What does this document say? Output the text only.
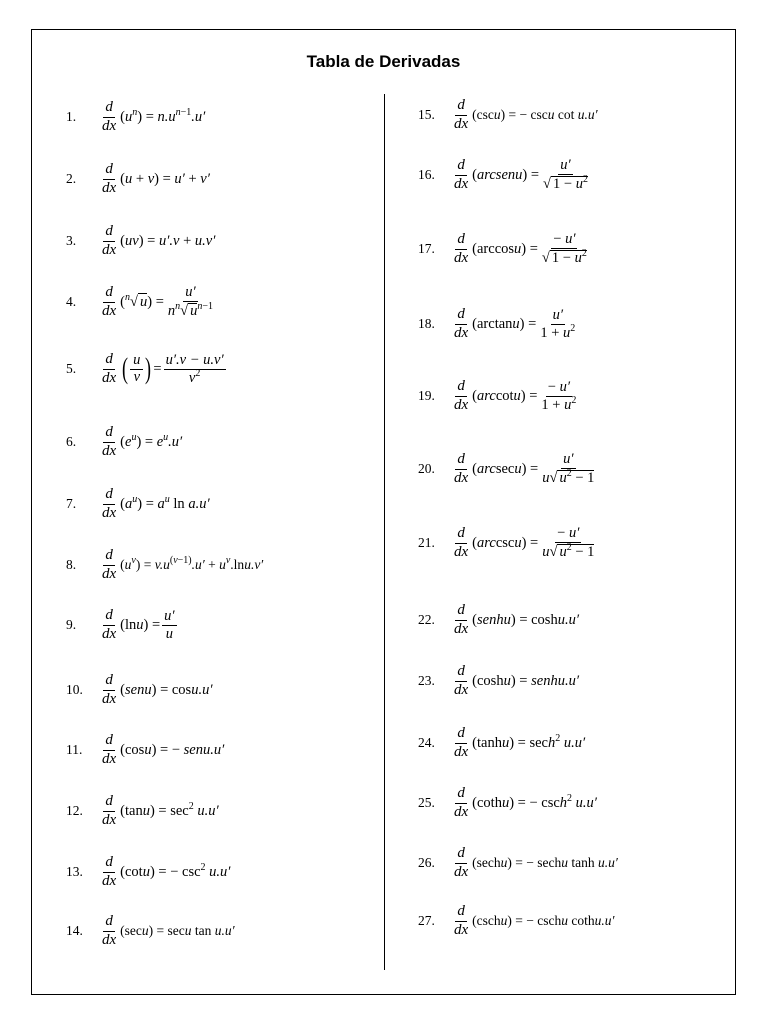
Tabla de Derivadas
1.	$\frac{d}{dx} (u^n) = n.u^{n-1}.u'$
2.	$\frac{d}{dx} (u + v) = u' + v'$
3.	$\frac{d}{dx} (uv) = u'.v + u.v'$
4.	$\frac{d}{dx} (^n√$ $u) = \frac{u'}{n^n√ u^{n-1}}$
5.	$\frac{d}{dx}$ ( u
v ) = $\frac{u'.v - u.v'}{v^2}$
6.	$\frac{d}{dx} (e^u) = e^u.u'$
7.	$\frac{d}{dx} (a^u) = a^u$ ln a.u′
8.	$\frac{d}{dx} (u^v) = v.u^{(v-1)}.u' + u^v.\ln u.v'$
9.	$\frac{d}{dx} (\ln u) = \frac{u'}{u}$
10.	$\frac{d}{dx}$ (senu) = cosu.u′
11.	$\frac{d}{dx} (\cos u)$ = − senu.u′
12.	$\frac{d}{dx} (\tan u) = \sec^2 u.u'$
13.	$\frac{d}{dx} (\cot u)$ = − $\csc^2 u.u'$
14.	$\frac{d}{dx} (\sec u) = \sec u$ tan u.u′
15.	$\frac{d}{dx} (\csc u)$ = − cscu cot u.u′
16.	$\frac{d}{dx}$ (arcsenu) = $\frac{u'}{√ 1 - u^2}$
17.	$\frac{d}{dx} (\arccos u) = \frac{- u'}{√ 1 - u^2}$
18.	$\frac{d}{dx} (\arctan u) = \frac{u'}{1 + u^2}$
19.	$\frac{d}{dx} (arccotu) = \frac{- u'}{1 + u^2}$
20.	$\frac{d}{dx} (arcsecu) = \frac{u'}{u√ u^2 - 1}$
21.	$\frac{d}{dx} (arccscu) = \frac{- u'}{u√ u^2 - 1}$
22.	$\frac{d}{dx}$ (senhu) = coshu.u′
23.	$\frac{d}{dx} (\cosh u)$ = senhu.u′
24.	$\frac{d}{dx} (\tanh u) = \sec h^2$ u.u′
25.	$\frac{d}{dx}$ (cothu) = − csch$^2$ u.u′
26.	$\frac{d}{dx}$ (sechu) = − sechu tanh u.u′
27.	$\frac{d}{dx}$ (cschu) = − cschu cothu.u′
